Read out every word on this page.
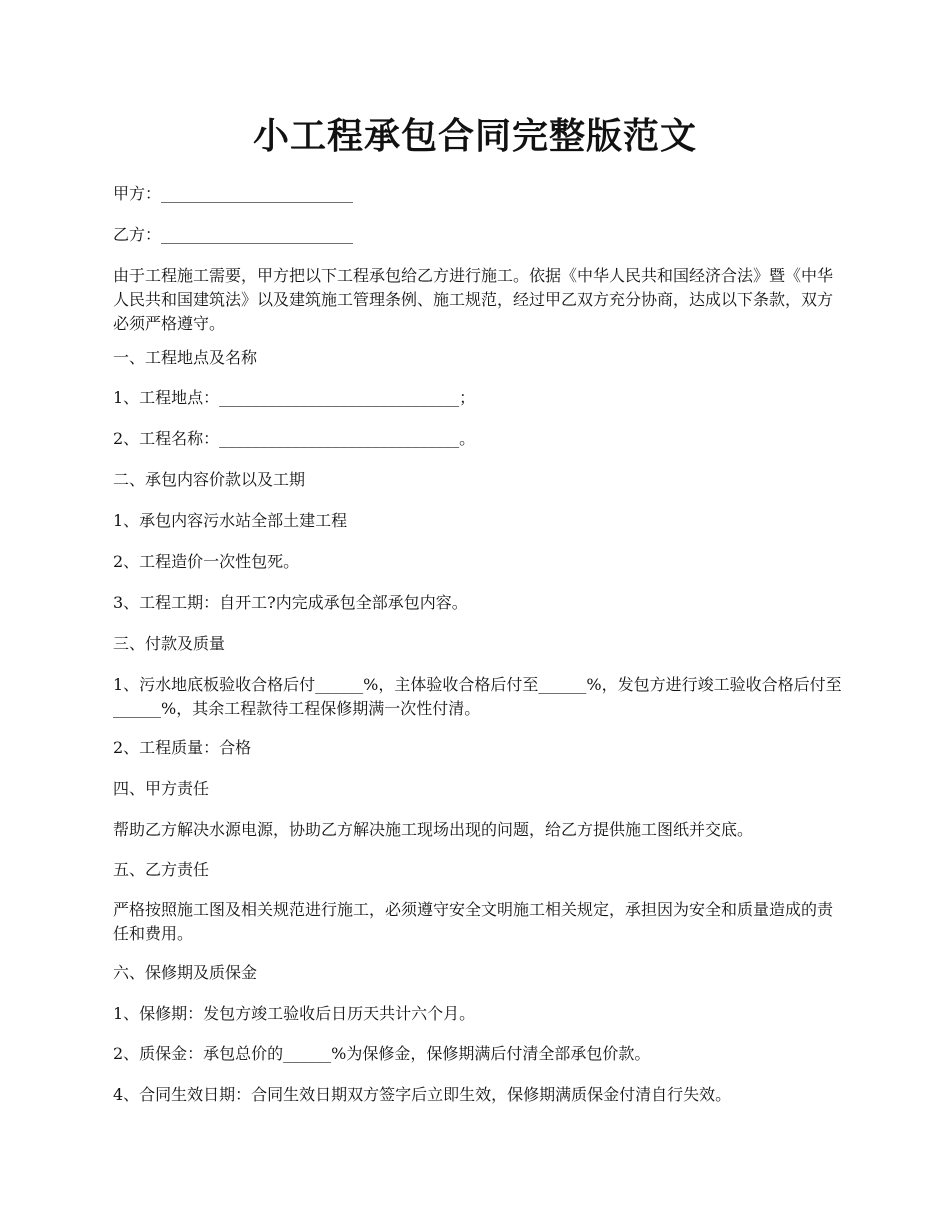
小工程承包合同完整版范文

甲方：________________________

乙方：________________________

由于工程施工需要，甲方把以下工程承包给乙方进行施工。依据《中华人民共和国经济合法》暨《中华人民共和国建筑法》以及建筑施工管理条例、施工规范，经过甲乙双方充分协商，达成以下条款，双方必须严格遵守。

一、工程地点及名称

1、工程地点：______________________________；

2、工程名称：______________________________。

二、承包内容价款以及工期

1、承包内容污水站全部土建工程

2、工程造价一次性包死。

3、工程工期：自开工?内完成承包全部承包内容。

三、付款及质量

1、污水地底板验收合格后付______%，主体验收合格后付至______%，发包方进行竣工验收合格后付至______%，其余工程款待工程保修期满一次性付清。

2、工程质量：合格

四、甲方责任

帮助乙方解决水源电源，协助乙方解决施工现场出现的问题，给乙方提供施工图纸并交底。

五、乙方责任

严格按照施工图及相关规范进行施工，必须遵守安全文明施工相关规定，承担因为安全和质量造成的责任和费用。

六、保修期及质保金

1、保修期：发包方竣工验收后日历天共计六个月。

2、质保金：承包总价的______%为保修金，保修期满后付清全部承包价款。

4、合同生效日期：合同生效日期双方签字后立即生效，保修期满质保金付清自行失效。
